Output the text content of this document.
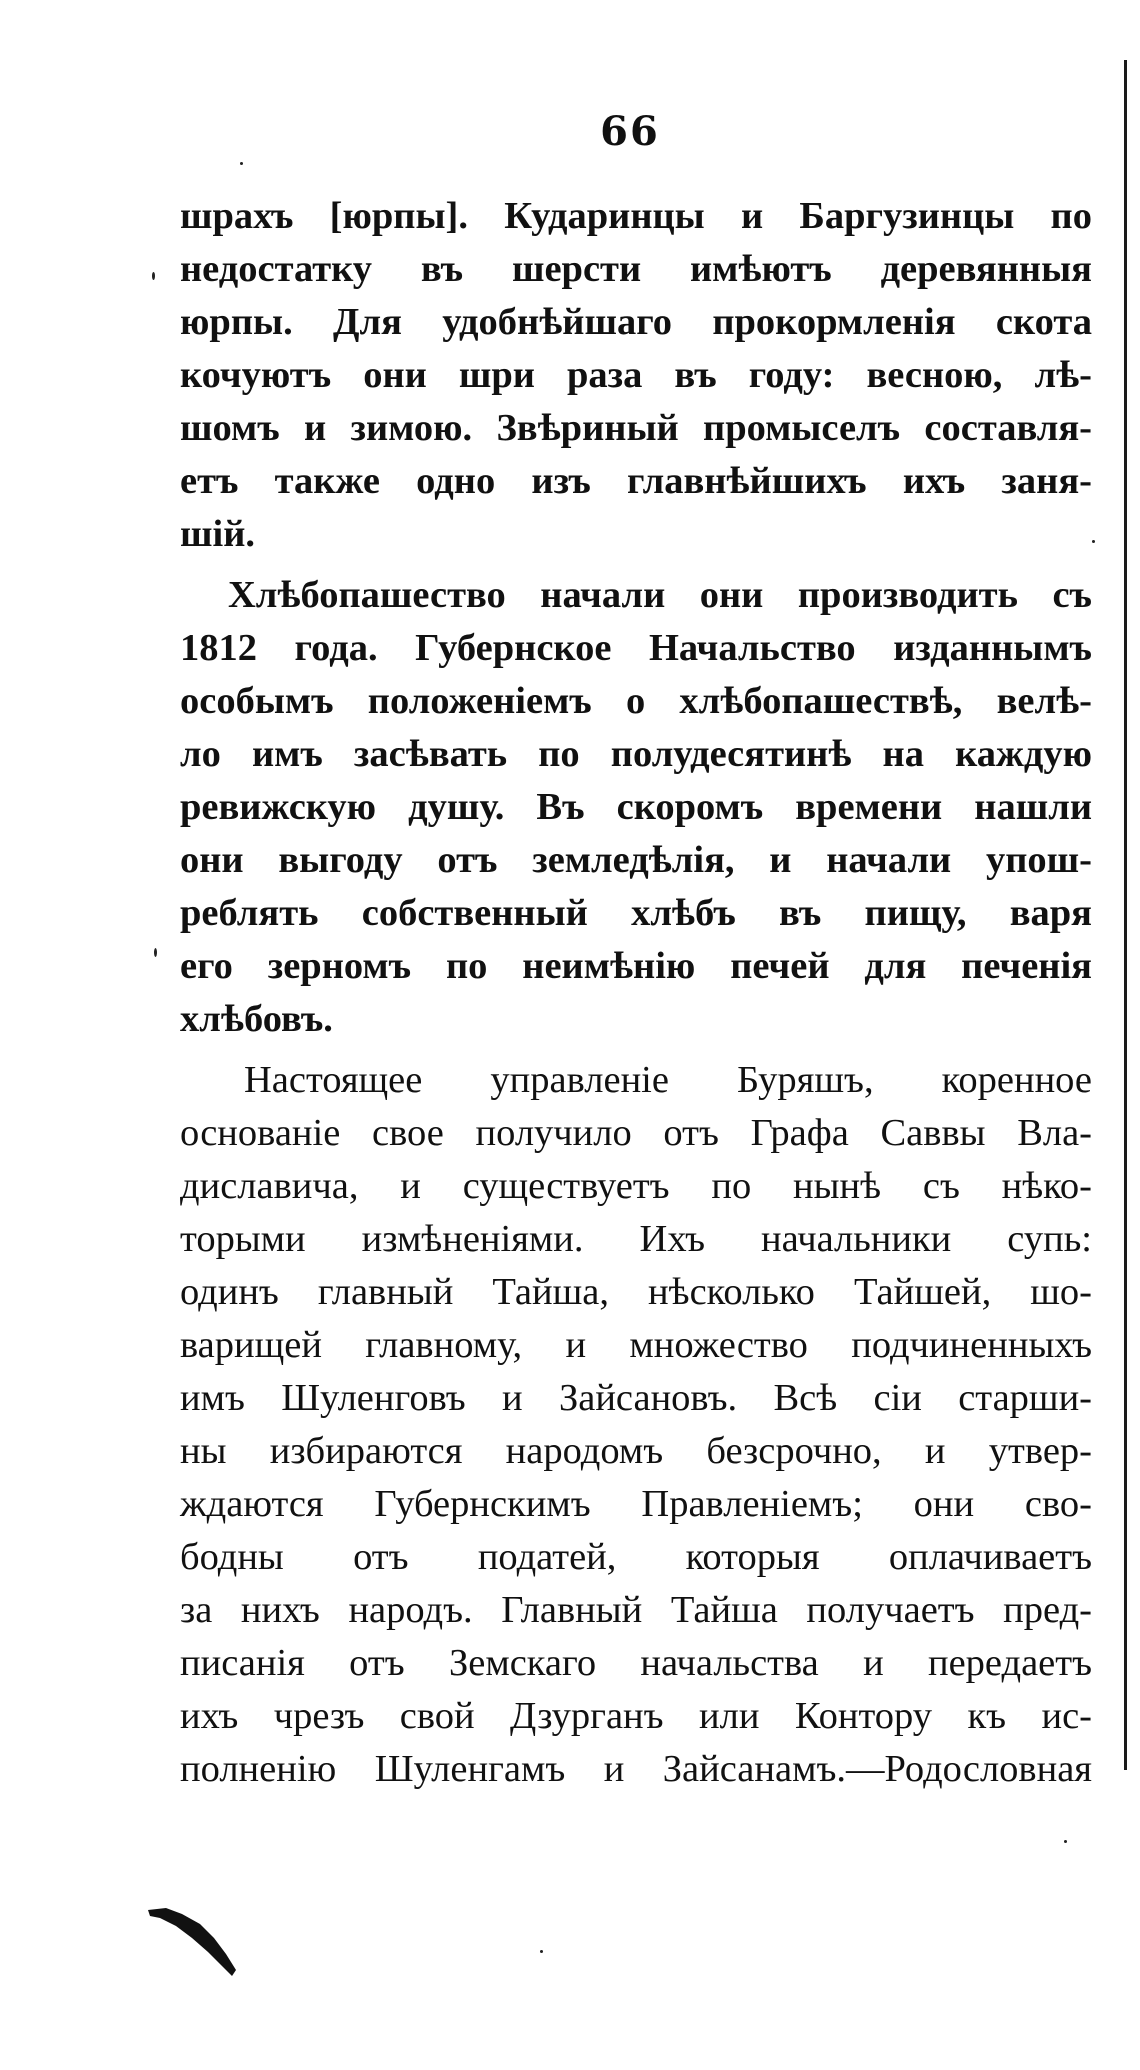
66
шрахъ [юрпы]. Кударинцы и Баргузинцы по
недостатку въ шерсти имѣютъ деревянныя
юрпы. Для удобнѣйшаго прокормленія скота
кочуютъ они шри раза въ году: весною, лѣ-
шомъ и зимою. Звѣриный промыселъ составля-
етъ также одно изъ главнѣйшихъ ихъ заня-
шій.
Хлѣбопашество начали они производить съ
1812 года. Губернское Начальство изданнымъ
особымъ положеніемъ о хлѣбопашествѣ, велѣ-
ло имъ засѣвать по полудесятинѣ на каждую
ревижскую душу. Въ скоромъ времени нашли
они выгоду отъ земледѣлія, и начали упош-
реблять собственный хлѣбъ въ пищу, варя
его зерномъ по неимѣнію печей для печенія
хлѣбовъ.
Настоящее управленіе Буряшъ, коренное
основаніе свое получило отъ Графа Саввы Вла-
диславича, и существуетъ по нынѣ съ нѣко-
торыми измѣненіями. Ихъ начальники супь:
одинъ главный Тайша, нѣсколько Тайшей, шо-
варищей главному, и множество подчиненныхъ
имъ Шуленговъ и Зайсановъ. Всѣ сіи стаpши-
ны избираются народомъ безсрочно, и утвер-
ждаются Губернскимъ Правленіемъ; они сво-
бодны отъ податей, которыя оплачиваетъ
за нихъ народъ. Главный Тайша получаетъ пред-
писанія отъ Земскаго начальства и передаетъ
ихъ чрезъ свой Дзурганъ или Контору къ ис-
полненію Шуленгамъ и Зайсанамъ.—Родословная
